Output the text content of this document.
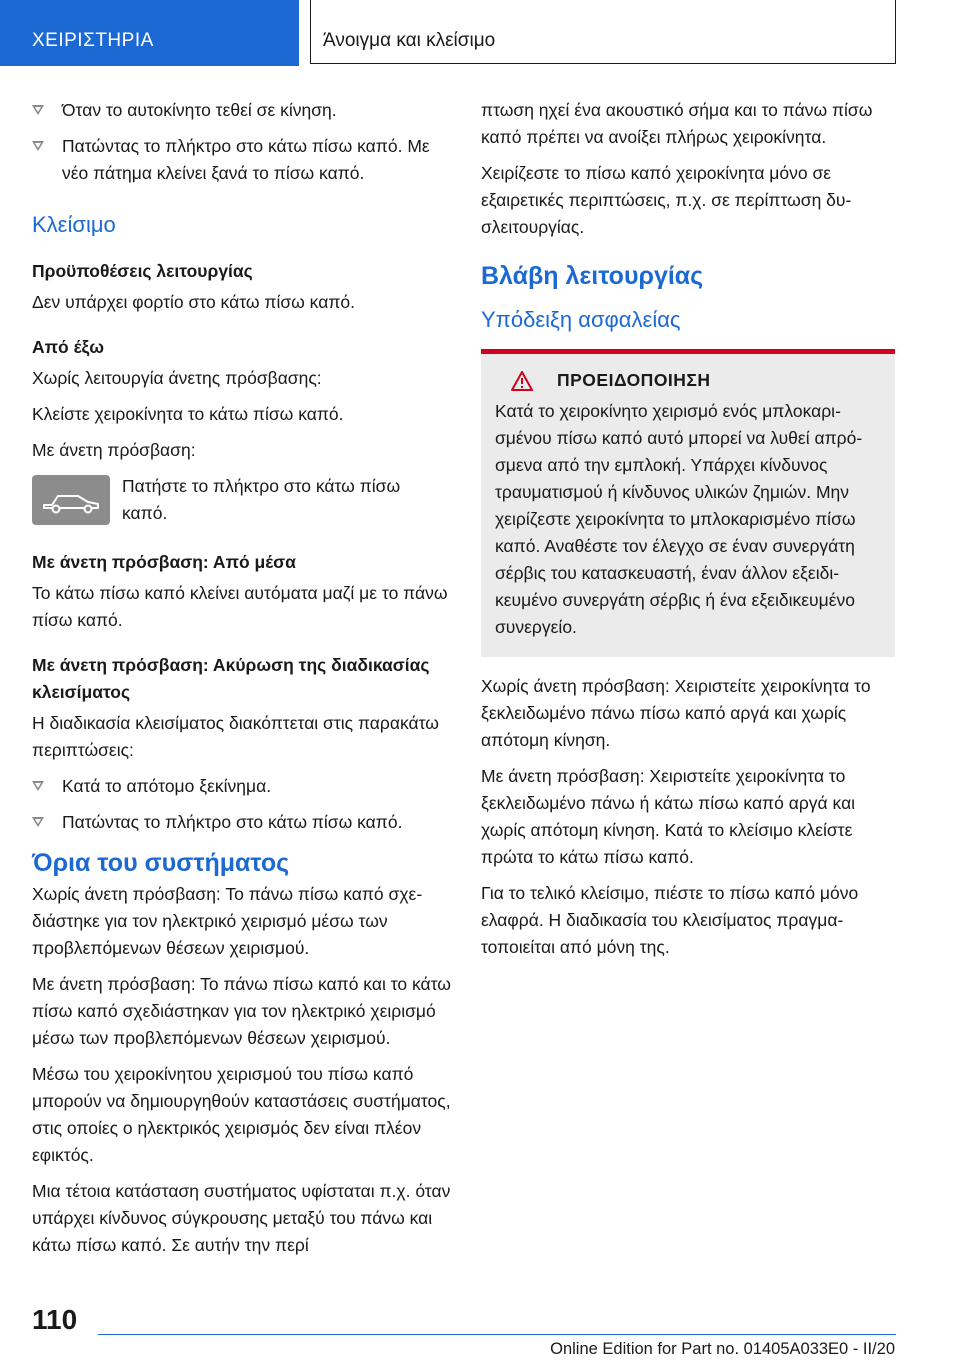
ΧΕΙΡΙΣΤΗΡΙΑ	Άνοιγμα και κλείσιμο
Όταν το αυτοκίνητο τεθεί σε κίνηση.
Πατώντας το πλήκτρο στο κάτω πίσω καπό. Με νέο πάτημα κλείνει ξανά το πίσω καπό.
Κλείσιμο
Προϋποθέσεις λειτουργίας

Δεν υπάρχει φορτίο στο κάτω πίσω καπό.

Από έξω

Χωρίς λειτουργία άνετης πρόσβασης:

Κλείστε χειροκίνητα το κάτω πίσω καπό.

Με άνετη πρόσβαση:

Πατήστε το πλήκτρο στο κάτω πίσω καπό.
Με άνετη πρόσβαση: Από μέσα

Το κάτω πίσω καπό κλείνει αυτόματα μαζί με το πάνω πίσω καπό.

Με άνετη πρόσβαση: Ακύρωση της διαδικασίας κλεισίματος

Η διαδικασία κλεισίματος διακόπτεται στις παρακάτω περιπτώσεις:

Κατά το απότομο ξεκίνημα.
Πατώντας το πλήκτρο στο κάτω πίσω καπό.
Όρια του συστήματος

Χωρίς άνετη πρόσβαση: Το πάνω πίσω καπό σχεδιάστηκε για τον ηλεκτρικό χειρισμό μέσω των προβλεπόμενων θέσεων χειρισμού.

Με άνετη πρόσβαση: Το πάνω πίσω καπό και το κάτω πίσω καπό σχεδιάστηκαν για τον ηλεκτρικό χειρισμό μέσω των προβλεπόμενων θέσεων χειρισμού.

Μέσω του χειροκίνητου χειρισμού του πίσω καπό μπορούν να δημιουργηθούν καταστάσεις συστήματος, στις οποίες ο ηλεκτρικός χειρισμός δεν είναι πλέον εφικτός.

Μια τέτοια κατάσταση συστήματος υφίσταται π.χ. όταν υπάρχει κίνδυνος σύγκρουσης μεταξύ του πάνω και κάτω πίσω καπό. Σε αυτήν την περί

πτωση ηχεί ένα ακουστικό σήμα και το πάνω πίσω καπό πρέπει να ανοίξει πλήρως χειροκίνητα.

Χειρίζεστε το πίσω καπό χειροκίνητα μόνο σε εξαιρετικές περιπτώσεις, π.χ. σε περίπτωση δυσλειτουργίας.

Βλάβη λειτουργίας
Υπόδειξη ασφαλείας
ΠΡΟΕΙΔΟΠΟΙΗΣΗ
Κατά το χειροκίνητο χειρισμό ενός μπλοκαρισμένου πίσω καπό αυτό μπορεί να λυθεί απρόσμενα από την εμπλοκή. Υπάρχει κίνδυνος τραυματισμού ή κίνδυνος υλικών ζημιών. Μην χειρίζεστε χειροκίνητα το μπλοκαρισμένο πίσω καπό. Αναθέστε τον έλεγχο σε έναν συνεργάτη σέρβις του κατασκευαστή, έναν άλλον εξειδικευμένο συνεργάτη σέρβις ή ένα εξειδικευμένο συνεργείο.

Χωρίς άνετη πρόσβαση: Χειριστείτε χειροκίνητα το ξεκλειδωμένο πάνω πίσω καπό αργά και χωρίς απότομη κίνηση.

Με άνετη πρόσβαση: Χειριστείτε χειροκίνητα το ξεκλειδωμένο πάνω ή κάτω πίσω καπό αργά και χωρίς απότομη κίνηση. Κατά το κλείσιμο κλείστε πρώτα το κάτω πίσω καπό.

Για το τελικό κλείσιμο, πιέστε το πίσω καπό μόνο ελαφρά. Η διαδικασία του κλεισίματος πραγματοποιείται από μόνη της.

110
Online Edition for Part no. 01405A033E0 - II/20
